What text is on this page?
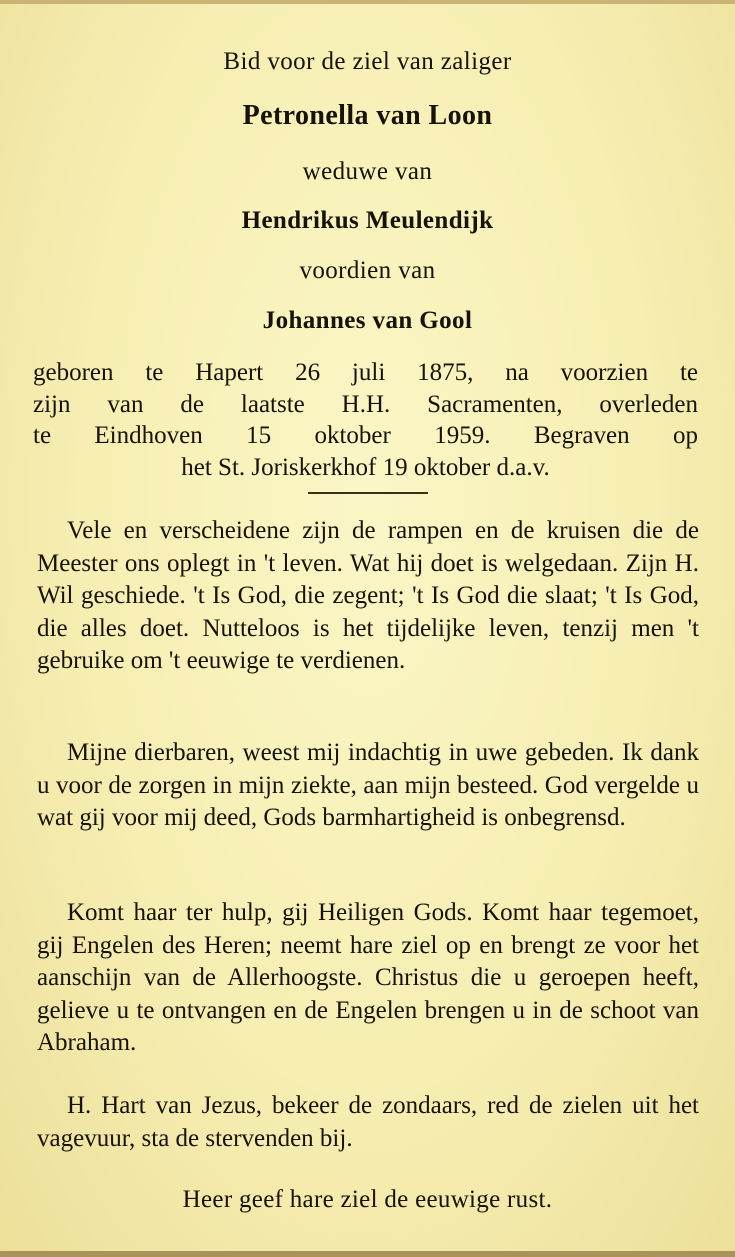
Bid voor de ziel van zaliger
Petronella van Loon
weduwe van
Hendrikus Meulendijk
voordien van
Johannes van Gool
geboren te Hapert 26 juli 1875, na voorzien te
zijn van de laatste H.H. Sacramenten, overleden
te Eindhoven 15 oktober 1959. Begraven op
het St. Joriskerkhof 19 oktober d.a.v.

Vele en verscheidene zijn de rampen en de kruisen die de Meester ons oplegt in 't leven. Wat hij doet is welgedaan. Zijn H. Wil geschiede. 't Is God, die zegent; 't Is God die slaat; 't Is God, die alles doet. Nutteloos is het tijdelijke leven, tenzij men 't gebruike om 't eeuwige te verdienen.

Mijne dierbaren, weest mij indachtig in uwe gebeden. Ik dank u voor de zorgen in mijn ziekte, aan mijn besteed. God vergelde u wat gij voor mij deed, Gods barmhartigheid is onbegrensd.

Komt haar ter hulp, gij Heiligen Gods. Komt haar tegemoet, gij Engelen des Heren; neemt hare ziel op en brengt ze voor het aanschijn van de Allerhoogste. Christus die u geroepen heeft, gelieve u te ontvangen en de Engelen brengen u in de schoot van Abraham.

H. Hart van Jezus, bekeer de zondaars, red de zielen uit het vagevuur, sta de stervenden bij.

Heer geef hare ziel de eeuwige rust.
